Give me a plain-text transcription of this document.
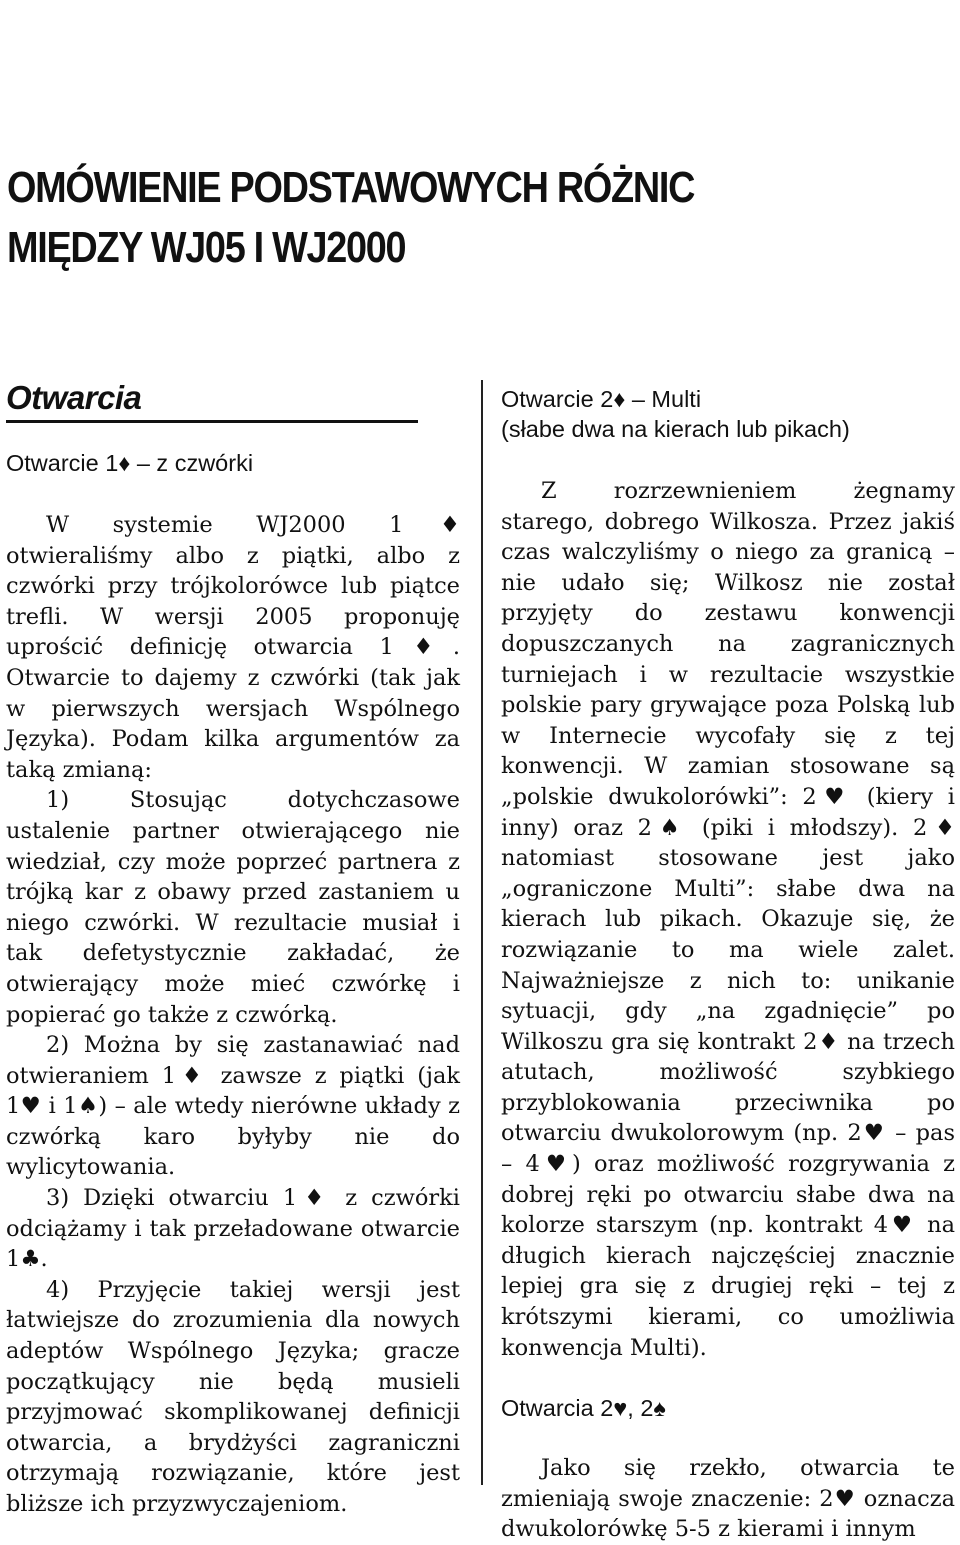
OMÓWIENIE PODSTAWOWYCH RÓŻNIC
MIĘDZY WJ05 I WJ2000
Otwarcia

Otwarcie 1♦ – z czwórki

W systemie WJ2000 1♦ otwieraliśmy albo z piątki, albo z czwórki przy trójkolorówce lub piątce trefli. W wersji 2005 proponuję uprościć definicję otwarcia 1♦. Otwarcie to dajemy z czwórki (tak jak w pierwszych wersjach Wspólnego Języka). Podam kilka argumentów za taką zmianą:

1) Stosując dotychczasowe ustalenie partner otwierającego nie wiedział, czy może poprzeć partnera z trójką kar z obawy przed zastaniem u niego czwórki. W rezultacie musiał i tak defetystycznie zakładać, że otwierający może mieć czwórkę i popierać go także z czwórką.

2) Można by się zastanawiać nad otwieraniem 1♦ zawsze z piątki (jak 1♥ i 1♠) – ale wtedy nierówne układy z czwórką karo byłyby nie do wylicytowania.

3) Dzięki otwarciu 1♦ z czwórki odciążamy i tak przeładowane otwarcie 1♣.

4) Przyjęcie takiej wersji jest łatwiejsze do zrozumienia dla nowych adeptów Wspólnego Języka; gracze początkujący nie będą musieli przyjmować skomplikowanej definicji otwarcia, a brydżyści zagraniczni otrzymają rozwiązanie, które jest bliższe ich przyzwyczajeniom.

Otwarcie 2♦ – Multi
(słabe dwa na kierach lub pikach)

Z rozrzewnieniem żegnamy starego, dobrego Wilkosza. Przez jakiś czas walczyliśmy o niego za granicą – nie udało się; Wilkosz nie został przyjęty do zestawu konwencji dopuszczanych na zagranicznych turniejach i w rezultacie wszystkie polskie pary grywające poza Polską lub w Internecie wycofały się z tej konwencji. W zamian stosowane są „polskie dwukolorówki”: 2♥ (kiery i inny) oraz 2♠ (piki i młodszy). 2♦ natomiast stosowane jest jako „ograniczone Multi”: słabe dwa na kierach lub pikach. Okazuje się, że rozwiązanie to ma wiele zalet. Najważniejsze z nich to: unikanie sytuacji, gdy „na zgadnięcie” po Wilkoszu gra się kontrakt 2♦ na trzech atutach, możliwość szybkiego przyblokowania przeciwnika po otwarciu dwukolorowym (np. 2♥ – pas – 4♥) oraz możliwość rozgrywania z dobrej ręki po otwarciu słabe dwa na kolorze starszym (np. kontrakt 4♥ na długich kierach najczęściej znacznie lepiej gra się z drugiej ręki – tej z krótszymi kierami, co umożliwia konwencja Multi).

Otwarcia 2♥, 2♠

Jako się rzekło, otwarcia te zmieniają swoje znaczenie: 2♥ oznacza dwukolorówkę 5-5 z kierami i innym
